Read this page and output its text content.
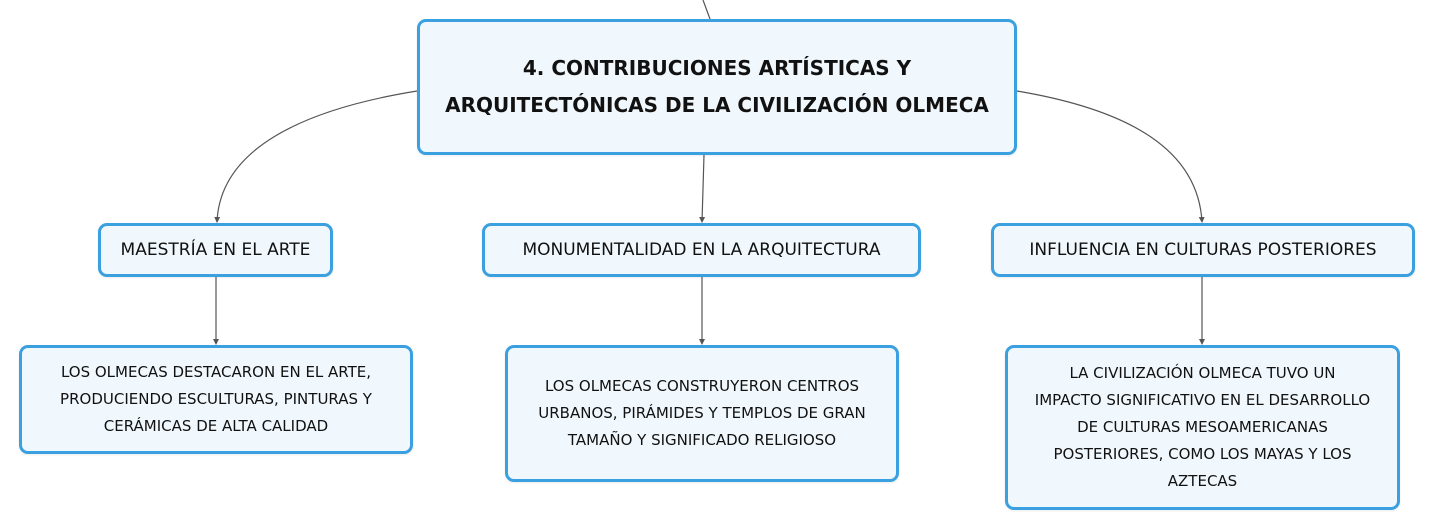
4. CONTRIBUCIONES ARTÍSTICAS Y
ARQUITECTÓNICAS DE LA CIVILIZACIÓN OLMECA
MAESTRÍA EN EL ARTE	MONUMENTALIDAD EN LA ARQUITECTURA	INFLUENCIA EN CULTURAS POSTERIORES
LOS OLMECAS DESTACARON EN EL ARTE,
PRODUCIENDO ESCULTURAS, PINTURAS Y
CERÁMICAS DE ALTA CALIDAD
LOS OLMECAS CONSTRUYERON CENTROS
URBANOS, PIRÁMIDES Y TEMPLOS DE GRAN
TAMAÑO Y SIGNIFICADO RELIGIOSO
LA CIVILIZACIÓN OLMECA TUVO UN
IMPACTO SIGNIFICATIVO EN EL DESARROLLO
DE CULTURAS MESOAMERICANAS
POSTERIORES, COMO LOS MAYAS Y LOS
AZTECAS
